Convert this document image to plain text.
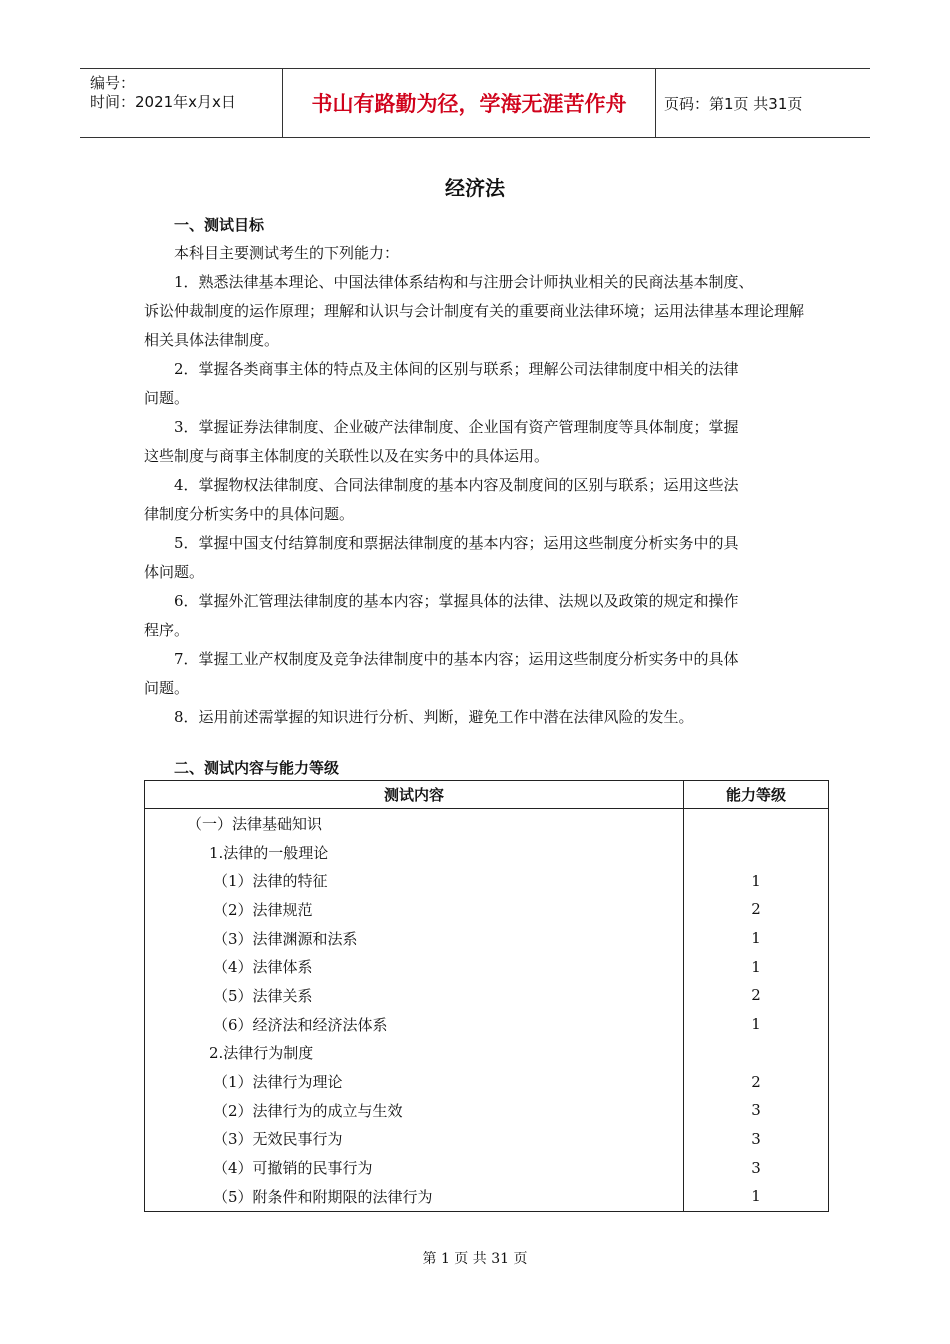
编号：
时间：2021年x月x日	书山有路勤为径，学海无涯苦作舟	页码：第1页 共31页
经济法
一、测试目标
本科目主要测试考生的下列能力：
1．熟悉法律基本理论、中国法律体系结构和与注册会计师执业相关的民商法基本制度、
诉讼仲裁制度的运作原理；理解和认识与会计制度有关的重要商业法律环境；运用法律基本理论理解相关具体法律制度。
2．掌握各类商事主体的特点及主体间的区别与联系；理解公司法律制度中相关的法律
问题。
3．掌握证券法律制度、企业破产法律制度、企业国有资产管理制度等具体制度；掌握
这些制度与商事主体制度的关联性以及在实务中的具体运用。
4．掌握物权法律制度、合同法律制度的基本内容及制度间的区别与联系；运用这些法
律制度分析实务中的具体问题。
5．掌握中国支付结算制度和票据法律制度的基本内容；运用这些制度分析实务中的具
体问题。
6．掌握外汇管理法律制度的基本内容；掌握具体的法律、法规以及政策的规定和操作
程序。
7．掌握工业产权制度及竞争法律制度中的基本内容；运用这些制度分析实务中的具体
问题。
8．运用前述需掌握的知识进行分析、判断，避免工作中潜在法律风险的发生。
二、测试内容与能力等级
测试内容	能力等级
（一）法律基础知识	
1.法律的一般理论	
（1）法律的特征	1
（2）法律规范	2
（3）法律渊源和法系	1
（4）法律体系	1
（5）法律关系	2
（6）经济法和经济法体系	1
2.法律行为制度	
（1）法律行为理论	2
（2）法律行为的成立与生效	3
（3）无效民事行为	3
（4）可撤销的民事行为	3
（5）附条件和附期限的法律行为	1
第 1 页 共 31 页
